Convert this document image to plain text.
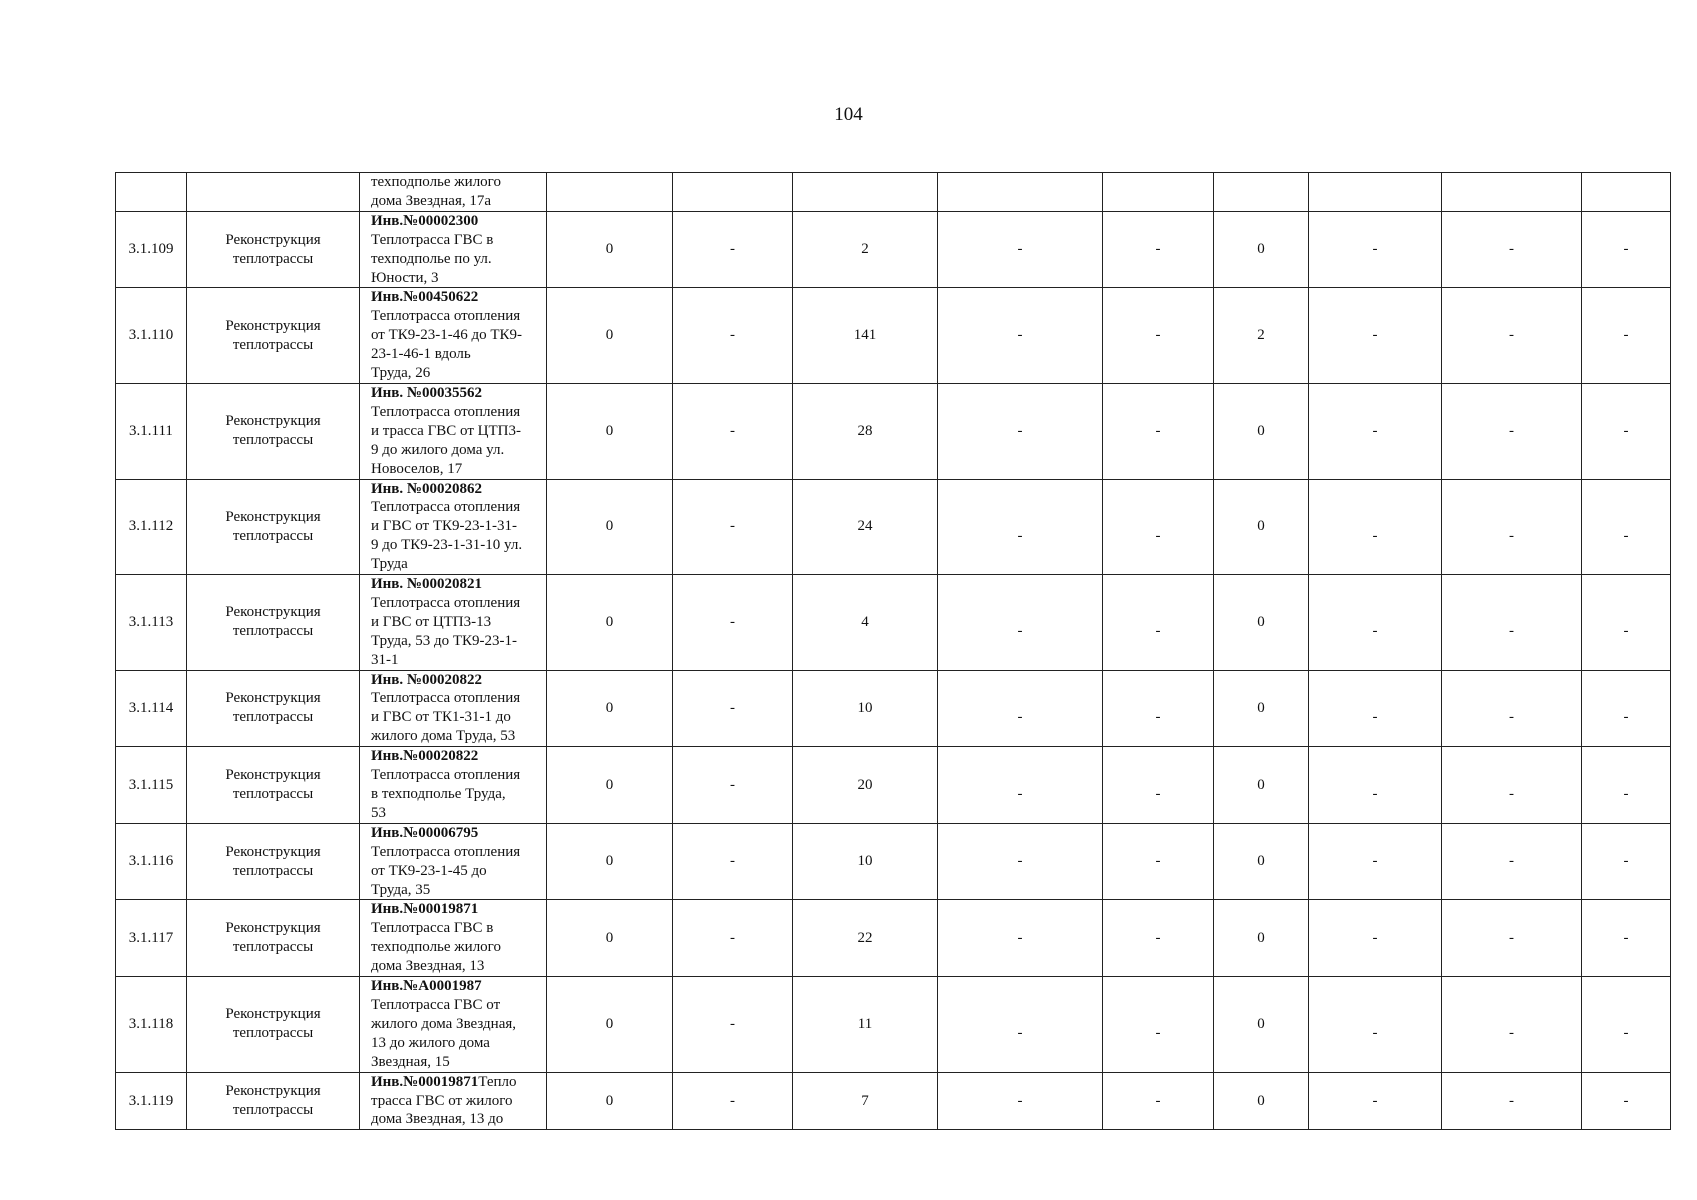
104
		техподполье жилого
дома Звездная, 17а									
3.1.109	Реконструкция теплотрассы	Инв.№00002300
Теплотрасса ГВС в
техподполье по ул.
Юности, 3	0	-	2	-	-	0	-	-	-
3.1.110	Реконструкция теплотрассы	Инв.№00450622
Теплотрасса отопления
от ТК9-23-1-46 до ТК9-
23-1-46-1 вдоль
Труда, 26	0	-	141	-	-	2	-	-	-
3.1.111	Реконструкция теплотрассы	Инв. №00035562
Теплотрасса отопления
и трасса ГВС от ЦТП3-
9 до жилого дома ул.
Новоселов, 17	0	-	28	-	-	0	-	-	-
3.1.112	Реконструкция теплотрассы	Инв. №00020862
Теплотрасса отопления
и ГВС от ТК9-23-1-31-
9 до ТК9-23-1-31-10 ул.
Труда	0	-	24	-	-	0	-	-	-
3.1.113	Реконструкция теплотрассы	Инв. №00020821
Теплотрасса отопления
и ГВС от ЦТП3-13
Труда, 53 до ТК9-23-1-
31-1	0	-	4	-	-	0	-	-	-
3.1.114	Реконструкция теплотрассы	Инв. №00020822
Теплотрасса отопления
и ГВС от ТК1-31-1 до
жилого дома Труда, 53	0	-	10	-	-	0	-	-	-
3.1.115	Реконструкция теплотрассы	Инв.№00020822
Теплотрасса отопления
в техподполье Труда,
53	0	-	20	-	-	0	-	-	-
3.1.116	Реконструкция теплотрассы	Инв.№00006795
Теплотрасса отопления
от ТК9-23-1-45 до
Труда, 35	0	-	10	-	-	0	-	-	-
3.1.117	Реконструкция теплотрассы	Инв.№00019871
Теплотрасса ГВС в
техподполье жилого
дома Звездная, 13	0	-	22	-	-	0	-	-	-
3.1.118	Реконструкция теплотрассы	Инв.№А0001987
Теплотрасса ГВС от
жилого дома Звездная,
13 до жилого дома
Звездная, 15	0	-	11	-	-	0	-	-	-
3.1.119	Реконструкция теплотрассы	Инв.№00019871Тепло трасса ГВС от жилого дома Звездная, 13 до	0	-	7	-	-	0	-	-	-
